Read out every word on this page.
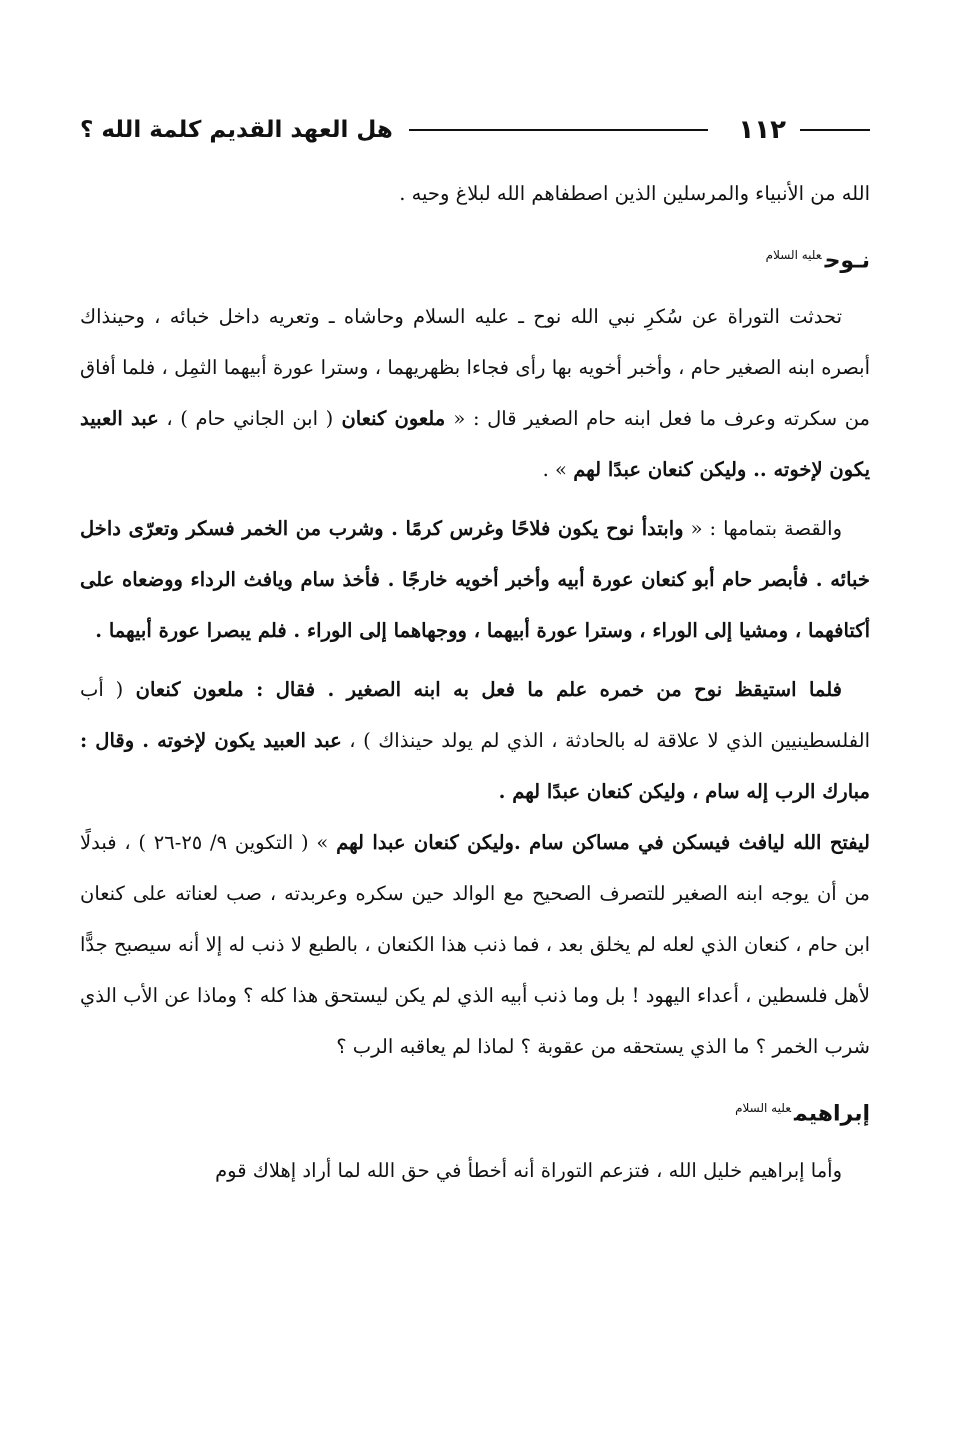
١١٢
هل العهد القديم كلمة الله ؟

الله من الأنبياء والمرسلين الذين اصطفاهم الله لبلاغ وحيه .

نـوح$^{عليه السلام}$

تحدثت التوراة عن سُكرِ نبي الله نوح ـ عليه السلام وحاشاه ـ وتعريه داخل خبائه ، وحينذاك أبصره ابنه الصغير حام ، وأخبر أخويه بها رأى فجاءا بظهريهما ، وسترا عورة أبيهما الثمِل ، فلما أفاق من سكرته وعرف ما فعل ابنه حام الصغير قال : « ملعون كنعان ( ابن الجاني حام ) ، عبد العبيد يكون لإخوته .. وليكن كنعان عبدًا لهم » .

والقصة بتمامها : « وابتدأ نوح يكون فلاحًا وغرس كرمًا . وشرب من الخمر فسكر وتعرّى داخل خبائه . فأبصر حام أبو كنعان عورة أبيه وأخبر أخويه خارجًا . فأخذ سام ويافث الرداء ووضعاه على أكتافهما ، ومشيا إلى الوراء ، وسترا عورة أبيهما ، ووجهاهما إلى الوراء . فلم يبصرا عورة أبيهما .

فلما استيقظ نوح من خمره علم ما فعل به ابنه الصغير . فقال : ملعون كنعان ( أب الفلسطينيين الذي لا علاقة له بالحادثة ، الذي لم يولد حينذاك ) ، عبد العبيد يكون لإخوته . وقال : مبارك الرب إله سام ، وليكن كنعان عبدًا لهم .

ليفتح الله ليافث فيسكن في مساكن سام .وليكن كنعان عبدا لهم » ( التكوين ٩/ ٢٥-٢٦ ) ، فبدلًا من أن يوجه ابنه الصغير للتصرف الصحيح مع الوالد حين سكره وعربدته ، صب لعناته على كنعان ابن حام ، كنعان الذي لعله لم يخلق بعد ، فما ذنب هذا الكنعان ، بالطبع لا ذنب له إلا أنه سيصبح جدًّا لأهل فلسطين ، أعداء اليهود ! بل وما ذنب أبيه الذي لم يكن ليستحق هذا كله ؟ وماذا عن الأب الذي شرب الخمر ؟ ما الذي يستحقه من عقوبة ؟ لماذا لم يعاقبه الرب ؟

إبراهيم$^{عليه السلام}$

وأما إبراهيم خليل الله ، فتزعم التوراة أنه أخطأ في حق الله لما أراد إهلاك قوم
